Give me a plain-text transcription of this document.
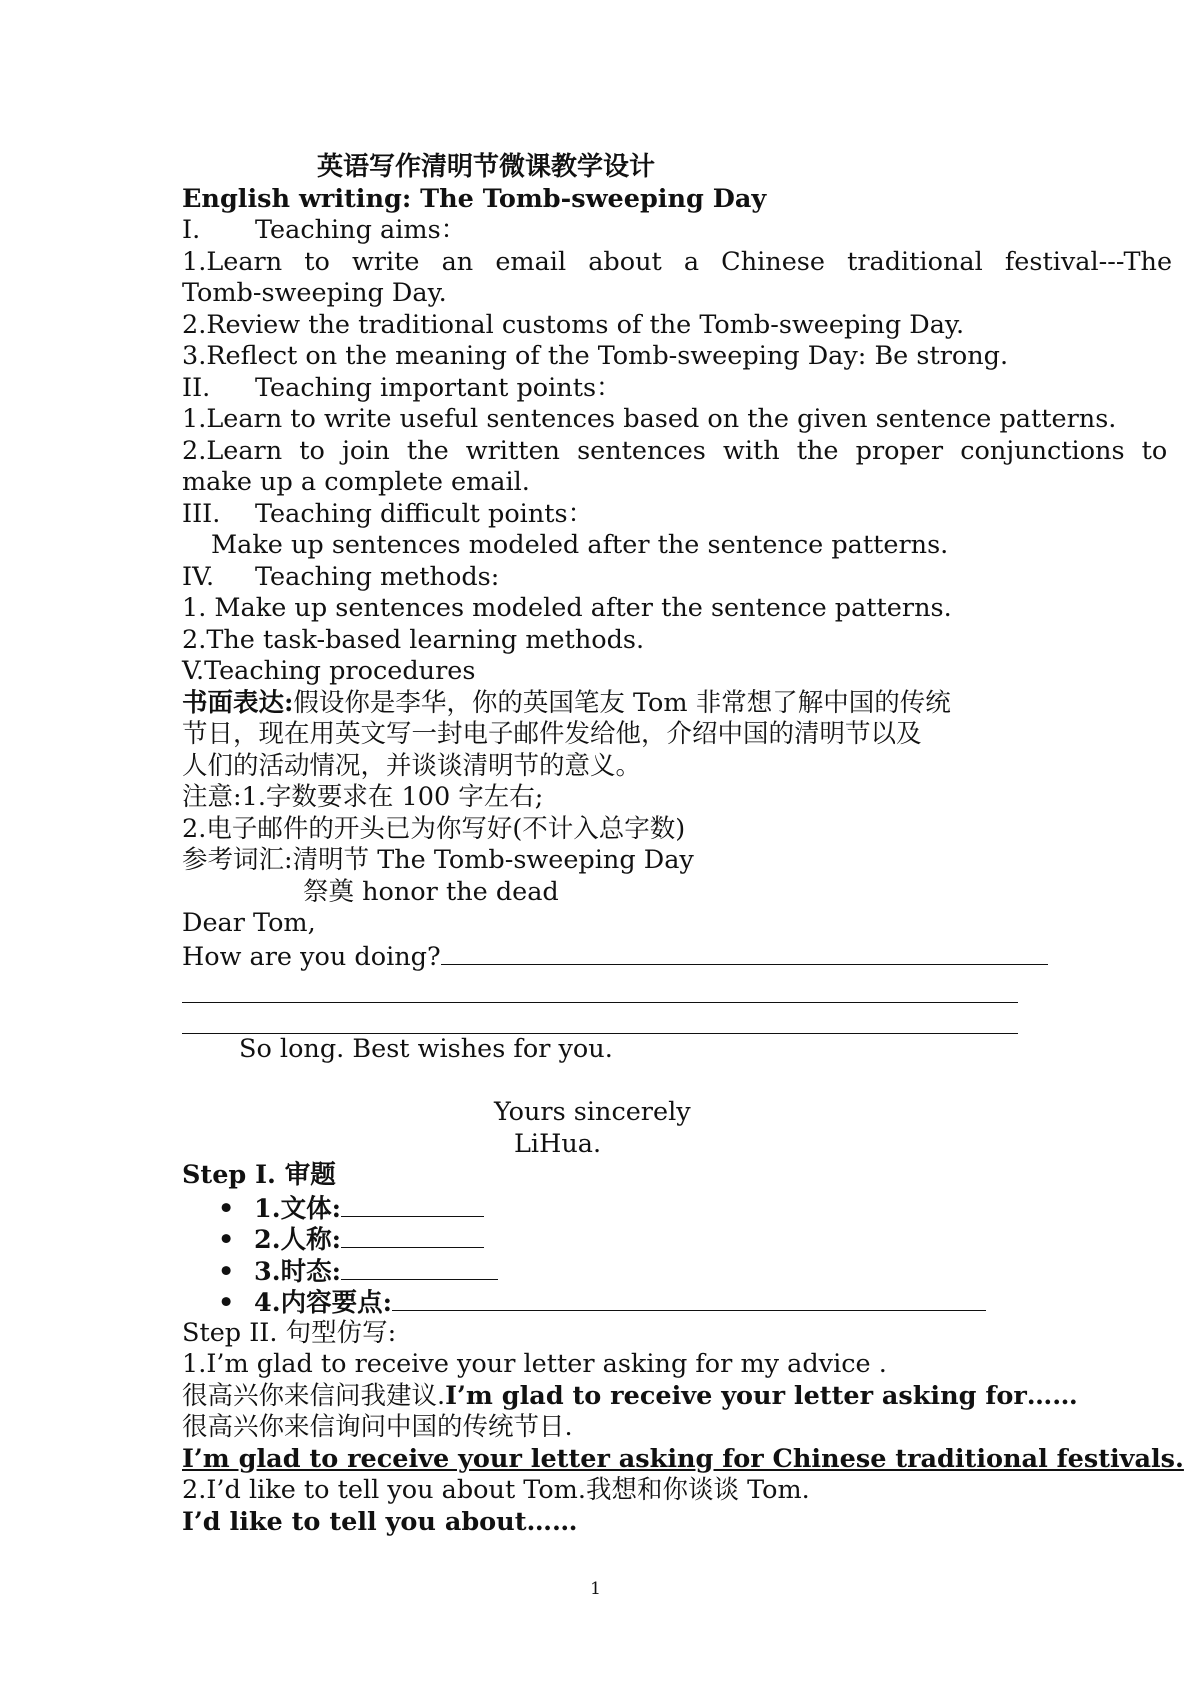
英语写作清明节微课教学设计
English writing: The Tomb-sweeping Day
I. Teaching aims：
1.Learn to write an email about a Chinese traditional festival---The
Tomb-sweeping Day.
2.Review the traditional customs of the Tomb-sweeping Day.
3.Reflect on the meaning of the Tomb-sweeping Day: Be strong.
II. Teaching important points：
1.Learn to write useful sentences based on the given sentence patterns.
2.Learn to join the written sentences with the proper conjunctions to
make up a complete email.
III. Teaching difficult points：
Make up sentences modeled after the sentence patterns.
IV. Teaching methods:
1. Make up sentences modeled after the sentence patterns.
2.The task-based learning methods.
V.Teaching procedures
书面表达:假设你是李华，你的英国笔友 Tom 非常想了解中国的传统
节日，现在用英文写一封电子邮件发给他，介绍中国的清明节以及
人们的活动情况，并谈谈清明节的意义。
注意:1.字数要求在 100 字左右;
2.电子邮件的开头已为你写好(不计入总字数)
参考词汇:清明节 The Tomb-sweeping Day
祭奠 honor the dead
Dear Tom,
How are you doing?
So long. Best wishes for you.
Yours sincerely
LiHua.
Step I. 审题
• 1.文体:
• 2.人称:
• 3.时态:
• 4.内容要点:
Step II. 句型仿写:
1.I’m glad to receive your letter asking for my advice .
很高兴你来信问我建议.I’m glad to receive your letter asking for……
很高兴你来信询问中国的传统节日.
I’m glad to receive your letter asking for Chinese traditional festivals.
2.I’d like to tell you about Tom.我想和你谈谈 Tom.
I’d like to tell you about……
1
